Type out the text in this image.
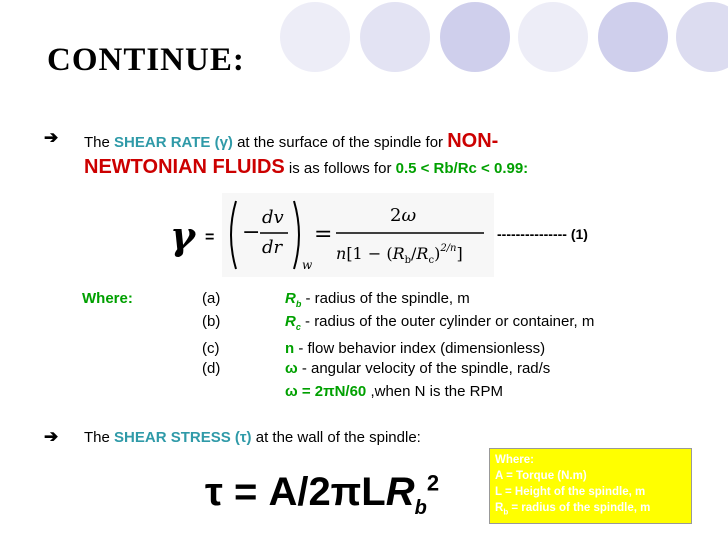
CONTINUE:
➔ The SHEAR RATE (γ) at the surface of the spindle for NON-
NEWTONIAN FLUIDS is as follows for 0.5 < Rb/Rc < 0.99:
γ = −
dv
dr
w
=
2ω
$n[1 - (R_b/R_c)^{2/n}]$
--------------- (1)
Where:	(a)	$R_b$ - radius of the spindle, m
(b)	$R_c$ - radius of the outer cylinder or container, m
(c)	n - flow behavior index (dimensionless)
(d)	ω - angular velocity of the spindle, rad/s
ω = 2πN/60 ,when N is the RPM
➔ The SHEAR STRESS (τ) at the wall of the spindle:
τ = A/2πLR$_b^2$
Where:
A = Torque (N.m)
L = Height of the spindle, m
$R_b$ = radius of the spindle, m
